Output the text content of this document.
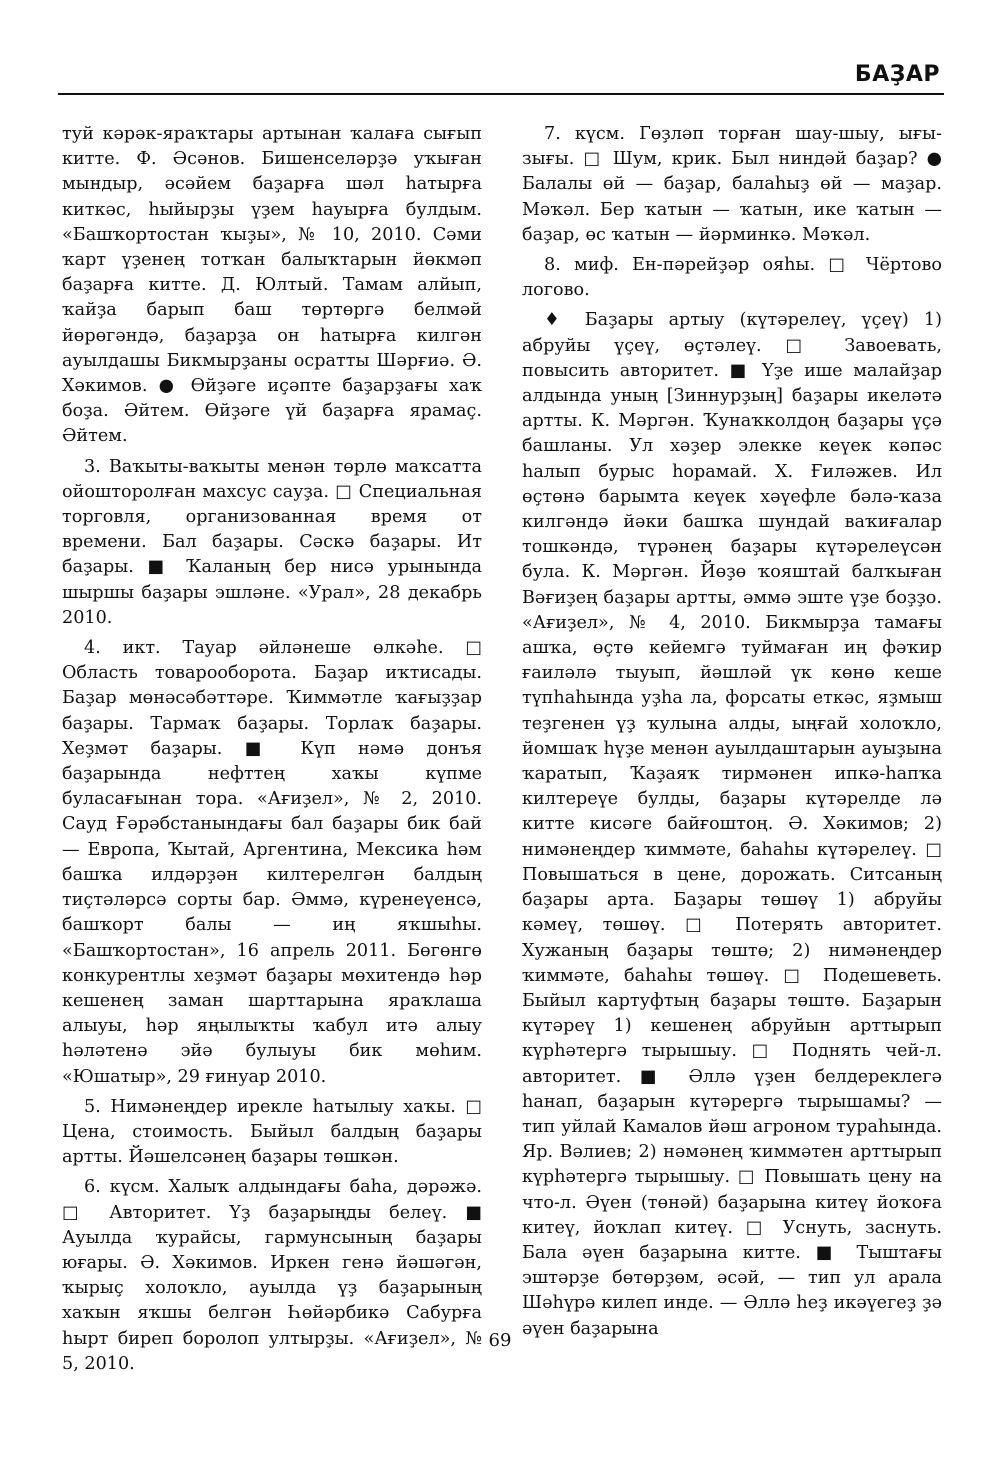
БАҘАР

туй кәрәк-яраҡтары артынан ҡалаға сығып китте. Ф. Әсәнов. Бишенселәрҙә уҡыған мындыр, әсәйем баҙарға шәл һатырға киткәс, һыйырҙы үҙем һауырға булдым. «Башҡортостан ҡыҙы», № 10, 2010. Сәми ҡарт үҙенең тотҡан балыҡтарын йөкмәп баҙарға китте. Д. Юлтый. Тамам алйып, ҡайҙа барып баш төртөргә белмәй йөрөгәндә, баҙарҙа он һатырға килгән ауылдашы Бикмырҙаны осратты Шәрғиә. Ә. Хәкимов. ● Өйҙәге иҫәпте баҙарҙағы хаҡ боҙа. Әйтем. Өйҙәге үй баҙарға ярамаҫ. Әйтем.

3. Ваҡыты-ваҡыты менән төрлө маҡсатта ойошторолған махсус сауҙа. □ Специальная торговля, организованная время от времени. Бал баҙары. Сәскә баҙары. Ит баҙары. ■ Ҡаланың бер нисә урынында шыршы баҙары эшләне. «Урал», 28 декабрь 2010.

4. икт. Тауар әйләнеше өлкәһе. □ Область товарооборота. Баҙар иҡтисады. Баҙар мөнәсәбәттәре. Ҡиммәтле ҡағыҙҙар баҙары. Тармаҡ баҙары. Торлаҡ баҙары. Хеҙмәт баҙары. ■ Күп нәмә донъя баҙарында нефттең хаҡы күпме буласағынан тора. «Ағиҙел», № 2, 2010. Сауд Ғәрәбстанындағы бал баҙары бик бай — Европа, Ҡытай, Аргентина, Мексика һәм башҡа илдәрҙән килтерелгән балдың тиҫтәләрсә сорты бар. Әммә, күренеүенсә, башҡорт балы — иң яҡшыһы. «Башҡортостан», 16 апрель 2011. Бөгөнгө конкурентлы хеҙмәт баҙары мөхитендә һәр кешенең заман шарттарына яраҡлаша алыуы, һәр яңылыҡты ҡабул итә алыу һәләтенә эйә булыуы бик мөһим. «Юшатыр», 29 ғинуар 2010.

5. Нимәнеңдер ирекле һатылыу хаҡы. □ Цена, стоимость. Быйыл балдың баҙары артты. Йәшелсәнең баҙары төшкән.

6. күсм. Халыҡ алдындағы баһа, дәрәжә. □ Авторитет. Үҙ баҙарыңды белеү. ■ Ауылда ҡурайсы, гармунсының баҙары юғары. Ә. Хәкимов. Иркен генә йәшәгән, ҡырыҫ холоҡло, ауылда үҙ баҙарының хаҡын яҡшы белгән Һөйәрбикә Сабурға һырт биреп боролоп ултырҙы. «Ағиҙел», № 5, 2010.

7. күсм. Гөҙләп торған шау-шыу, ығы-зығы. □ Шум, крик. Был ниндәй баҙар? ● Балалы өй — баҙар, балаһыҙ өй — маҙар. Мәҡәл. Бер ҡатын — ҡатын, ике ҡатын — баҙар, өс ҡатын — йәрминкә. Мәҡәл.

8. миф. Ен-пәрейҙәр ояһы. □ Чёртово логово.

♦ Баҙары артыу (күтәрелеү, үҫеү) 1) абруйы үҫеү, өҫтәлеү. □ Завоевать, повысить авторитет. ■ Үҙе ише малайҙар алдында уның [Зиннурҙың] баҙары икеләтә артты. К. Мәргән. Ҡунаҡколдоң баҙары үҫә башланы. Ул хәҙер элекке кеүек кәпәс һалып бурыс һорамай. Х. Ғиләжев. Ил өҫтөнә барымта кеүек хәүефле бәлә-ҡаза килгәндә йәки башҡа шундай ваҡиғалар тошкәндә, түрәнең баҙары күтәрелеүсән була. К. Мәргән. Йөҙө ҡояштай балҡыған Вәғиҙең баҙары артты, әммә эште үҙе боҙҙо. «Ағиҙел», № 4, 2010. Бикмырҙа тамағы ашҡа, өҫтө кейемгә туймаған иң фәҡир ғаиләлә тыуып, йәшләй үк көнө кеше түпһаһында уҙһа ла, форсаты еткәс, яҙмыш теҙгенен үҙ ҡулына алды, ыңғай холоҡло, йомшаҡ һүҙе менән ауылдаштарын ауыҙына ҡаратып, Ҡаҙаяҡ тирмәнен ипкә-һапҡа килтереүе булды, баҙары күтәрелде лә китте кисәге байғоштоң. Ә. Хәкимов; 2) нимәнеңдер ҡиммәте, баһаһы күтәрелеү. □ Повышаться в цене, дорожать. Ситсаның баҙары арта. Баҙары төшөү 1) абруйы кәмеү, төшөү. □ Потерять авторитет. Хужаның баҙары төштө; 2) нимәнеңдер ҡиммәте, баһаһы төшөү. □ Подешеветь. Быйыл картуфтың баҙары төштө. Баҙарын күтәреү 1) кешенең абруйын арттырып күрһәтергә тырышыу. □ Поднять чей-л. авторитет. ■ Әллә үҙен белдереклегә һанап, баҙарын күтәрергә тырышамы? — тип уйлай Камалов йәш агроном тураһында. Яр. Вәлиев; 2) нәмәнең ҡиммәтен арттырып күрһәтергә тырышыу. □ Повышать цену на что-л. Әүен (төнәй) баҙарына китеү йоҡоға китеү, йоҡлап китеү. □ Уснуть, заснуть. Бала әүен баҙарына китте. ■ Тыштағы эштәрҙе бөтөрҙөм, әсәй, — тип ул арала Шәһүрә килеп инде. — Әллә һеҙ икәүегеҙ ҙә әүен баҙарына

69
